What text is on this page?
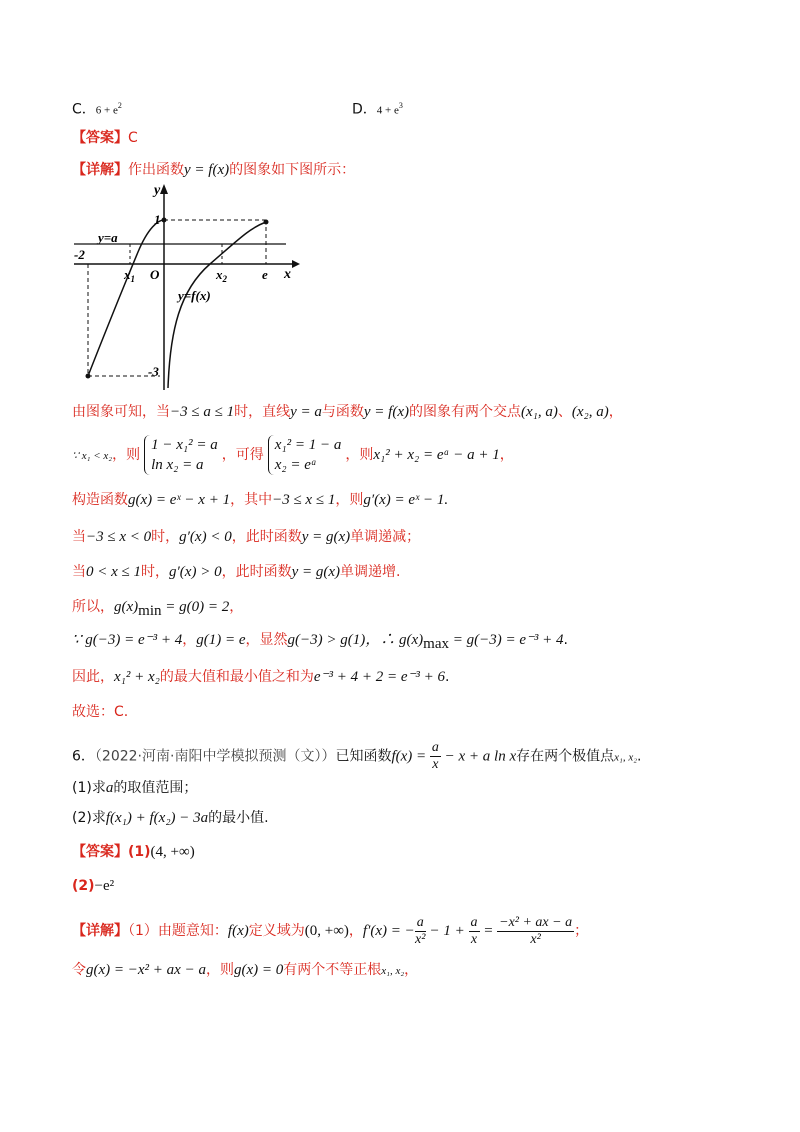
C．$6 + e^2$	D．$4 + e^3$
【答案】C
【详解】作出函数y = f(x)的图象如下图所示：
y
x
O
-2
1
-3
$x_1$	$x_2$	e
y=a
y=f(x)
由图象可知，当−3 ≤ a ≤ 1时，直线y = a与函数y = f(x)的图象有两个交点(x₁, a)、(x₂, a)，
∵ x₁ < x₂，则1 − x₁² = a
ln x₂ = a，可得x₁² = 1 − a
x₂ = eᵃ，则x₁² + x₂ = eᵃ − a + 1，
构造函数g(x) = eˣ − x + 1，其中−3 ≤ x ≤ 1，则g′(x) = eˣ − 1.
当−3 ≤ x < 0时，g′(x) < 0，此时函数y = g(x)单调递减；
当0 < x ≤ 1时，g′(x) > 0，此时函数y = g(x)单调递增.
所以，$g(x)_{min} = g(0) = 2$，
∵ g(−3) = e⁻³ + 4，g(1) = e，显然g(−3) > g(1)，∴ $g(x)_{max} = g(-3) = e^{-3} + 4$.
因此，x₁² + x₂的最大值和最小值之和为e⁻³ + 4 + 2 = e⁻³ + 6.
故选：C.
6．（2022·河南·南阳中学模拟预测（文））已知函数$f(x) = \frac{a}{x} - x + a$ ln x存在两个极值点x₁, x₂.
(1)求a的取值范围；
(2)求f(x₁) + f(x₂) − 3a的最小值.
【答案】(1)(4, +∞)
(2)−e²
【详解】（1）由题意知：f(x)定义域为(0, +∞)，f′(x) = − $\frac{a}{\text{x²}} - 1 + \frac{a}{x} = \frac{\text{−x² + ax − a}}{\text{x²}}$ ；
令g(x) = −x² + ax − a，则g(x) = 0有两个不等正根x₁, x₂，
